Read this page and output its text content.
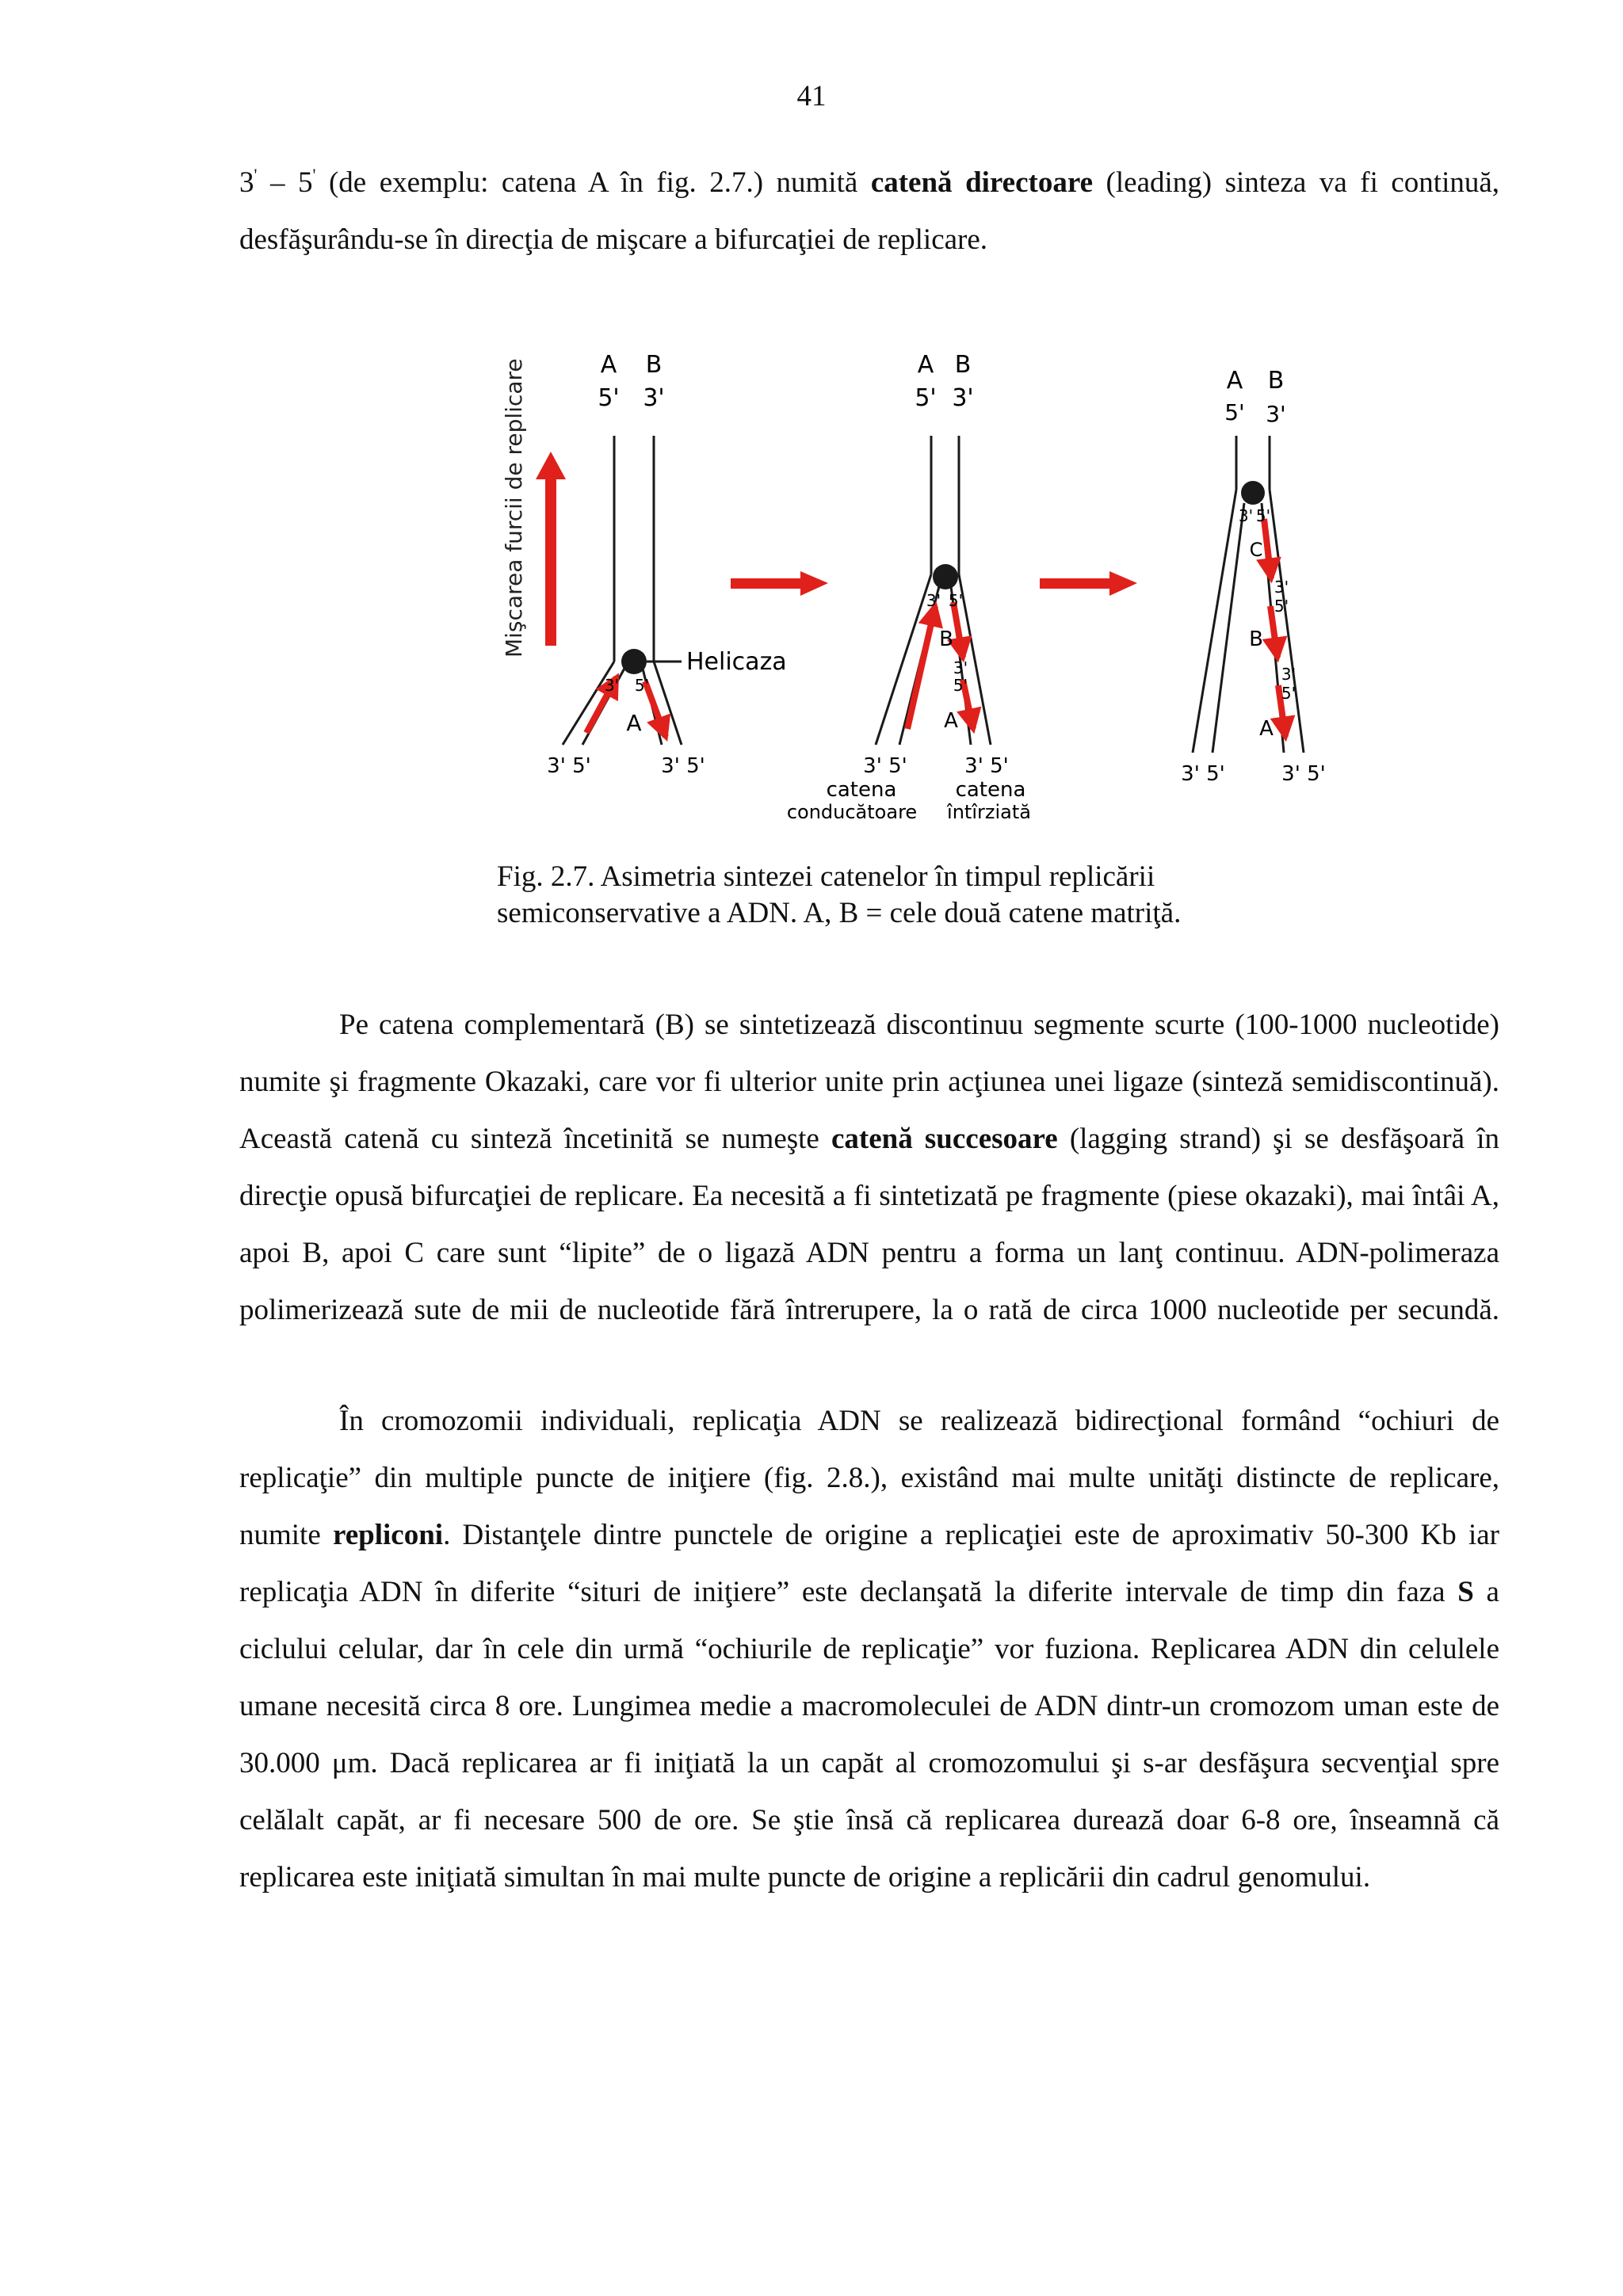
41

3' – 5' (de exemplu: catena A în fig. 2.7.) numită catenă directoare (leading) sinteza va fi continuă, desfăşurându-se în direcţia de mişcare a bifurcaţiei de replicare.

Mişcarea furcii de replicare	A B
5' 3'
Helicaza
3' 5'
A
3' 5'	3' 5'
A B
5' 3'
3' 5'
B
3'
5'
A
3' 5'	3' 5'
catena
conducătoare
catena
întîrziată
A B
5' 3'
3' 5'
C
3'
5'
B
3'
5'
A
3' 5'	3' 5'

Fig. 2.7. Asimetria sintezei catenelor în timpul replicării
semiconservative a ADN. A, B = cele două catene matriţă.

Pe catena complementară (B) se sintetizează discontinuu segmente scurte (100-1000 nucleotide) numite şi fragmente Okazaki, care vor fi ulterior unite prin acţiunea unei ligaze (sinteză semidiscontinuă). Această catenă cu sinteză încetinită se numeşte catenă succesoare (lagging strand) şi se desfăşoară în direcţie opusă bifurcaţiei de replicare. Ea necesită a fi sintetizată pe fragmente (piese okazaki), mai întâi A, apoi B, apoi C care sunt “lipite” de o ligază ADN pentru a forma un lanţ continuu. ADN-polimeraza polimerizează sute de mii de nucleotide fără întrerupere, la o rată de circa 1000 nucleotide per secundă.

În cromozomii individuali, replicaţia ADN se realizează bidirecţional formând “ochiuri de replicaţie” din multiple puncte de iniţiere (fig. 2.8.), existând mai multe unităţi distincte de replicare, numite repliconi. Distanţele dintre punctele de origine a replicaţiei este de aproximativ 50-300 Kb iar replicaţia ADN în diferite “situri de iniţiere” este declanşată la diferite intervale de timp din faza S a ciclului celular, dar în cele din urmă “ochiurile de replicaţie” vor fuziona. Replicarea ADN din celulele umane necesită circa 8 ore. Lungimea medie a macromoleculei de ADN dintr-un cromozom uman este de 30.000 μm. Dacă replicarea ar fi iniţiată la un capăt al cromozomului şi s-ar desfăşura secvenţial spre celălalt capăt, ar fi necesare 500 de ore. Se ştie însă că replicarea durează doar 6-8 ore, înseamnă că replicarea este iniţiată simultan în mai multe puncte de origine a replicării din cadrul genomului.
